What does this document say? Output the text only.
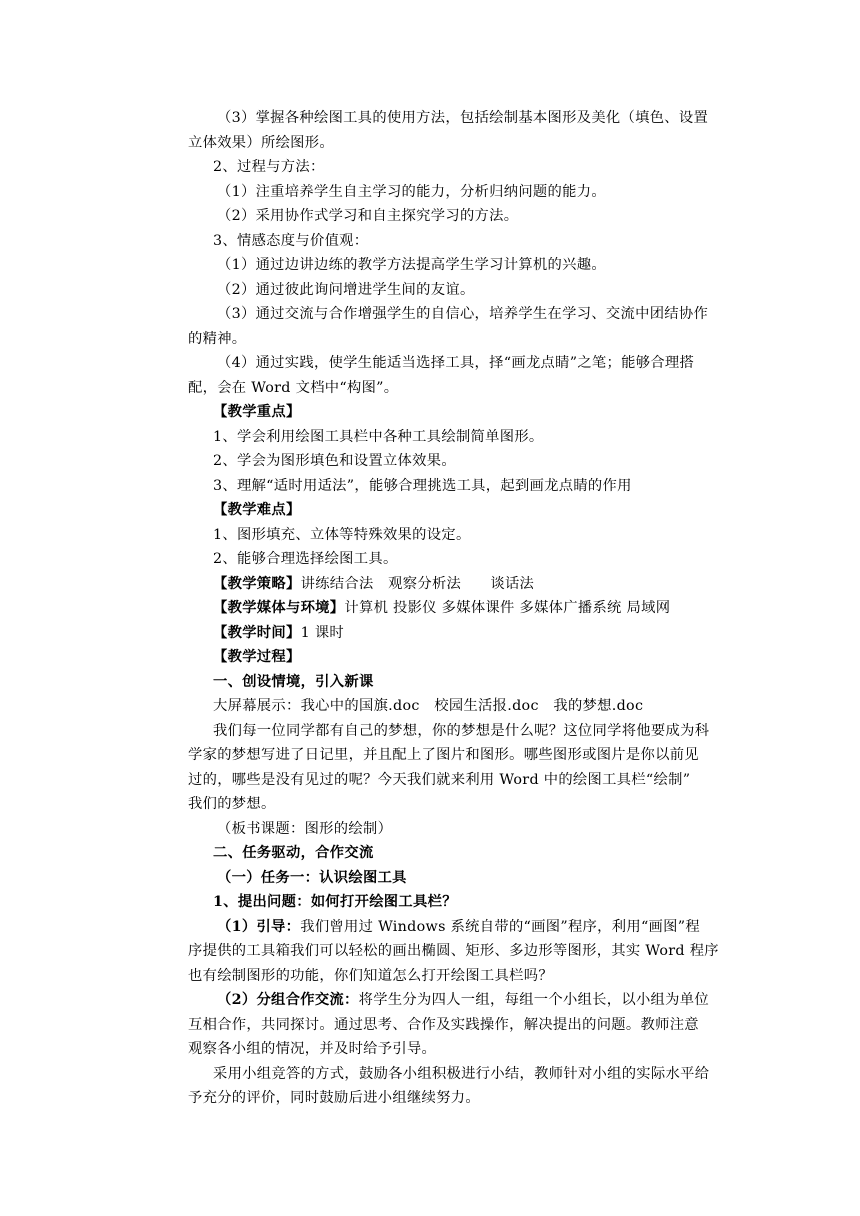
（3）掌握各种绘图工具的使用方法，包括绘制基本图形及美化（填色、设置

立体效果）所绘图形。

2、过程与方法：

（1）注重培养学生自主学习的能力，分析归纳问题的能力。

（2）采用协作式学习和自主探究学习的方法。

3、情感态度与价值观：

（1）通过边讲边练的教学方法提高学生学习计算机的兴趣。

（2）通过彼此询问增进学生间的友谊。

（3）通过交流与合作增强学生的自信心，培养学生在学习、交流中团结协作

的精神。

（4）通过实践，使学生能适当选择工具，择“画龙点睛”之笔；能够合理搭

配，会在 Word 文档中“构图”。

【教学重点】

1、学会利用绘图工具栏中各种工具绘制简单图形。

2、学会为图形填色和设置立体效果。

3、理解“适时用适法”，能够合理挑选工具，起到画龙点睛的作用

【教学难点】

1、图形填充、立体等特殊效果的设定。

2、能够合理选择绘图工具。

【教学策略】讲练结合法　观察分析法　　谈话法

【教学媒体与环境】计算机 投影仪 多媒体课件 多媒体广播系统 局域网

【教学时间】1 课时

【教学过程】

一、创设情境，引入新课

大屏幕展示：我心中的国旗.doc　校园生活报.doc　我的梦想.doc

我们每一位同学都有自己的梦想，你的梦想是什么呢？这位同学将他要成为科

学家的梦想写进了日记里，并且配上了图片和图形。哪些图形或图片是你以前见

过的，哪些是没有见过的呢？今天我们就来利用 Word 中的绘图工具栏“绘制”

我们的梦想。

（板书课题：图形的绘制）

二、任务驱动，合作交流

（一）任务一：认识绘图工具

1、提出问题：如何打开绘图工具栏？

（1）引导：我们曾用过 Windows 系统自带的“画图”程序，利用“画图”程

序提供的工具箱我们可以轻松的画出椭圆、矩形、多边形等图形，其实 Word 程序

也有绘制图形的功能，你们知道怎么打开绘图工具栏吗？

（2）分组合作交流：将学生分为四人一组，每组一个小组长，以小组为单位

互相合作，共同探讨。通过思考、合作及实践操作，解决提出的问题。教师注意

观察各小组的情况，并及时给予引导。

采用小组竞答的方式，鼓励各小组积极进行小结，教师针对小组的实际水平给

予充分的评价，同时鼓励后进小组继续努力。
